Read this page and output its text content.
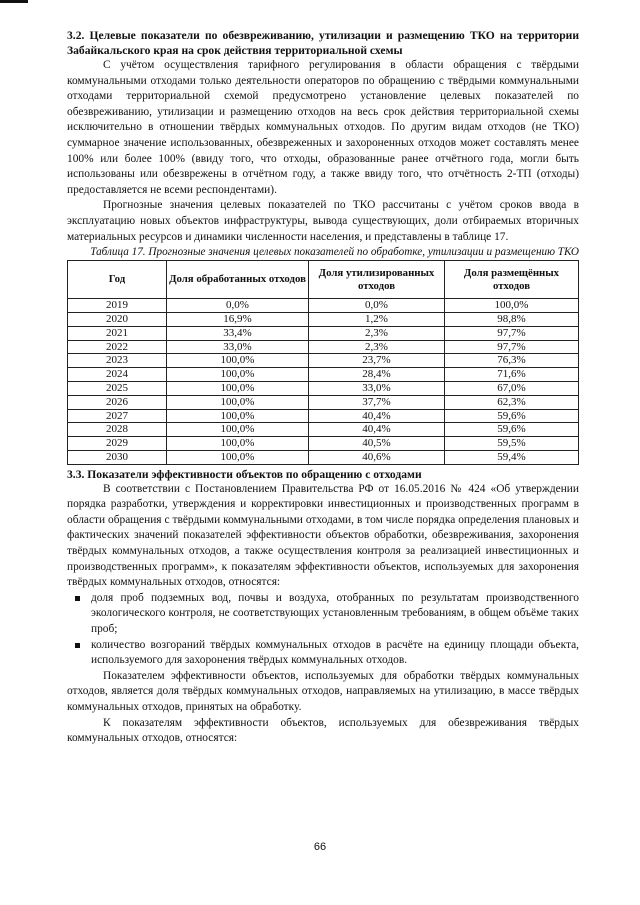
3.2. Целевые показатели по обезвреживанию, утилизации и размещению ТКО на территории Забайкальского края на срок действия территориальной схемы

С учётом осуществления тарифного регулирования в области обращения с твёрдыми коммунальными отходами только деятельности операторов по обращению с твёрдыми коммунальными отходами территориальной схемой предусмотрено установление целевых показателей по обезвреживанию, утилизации и размещению отходов на весь срок действия территориальной схемы исключительно в отношении твёрдых коммунальных отходов. По другим видам отходов (не ТКО) суммарное значение использованных, обезвреженных и захороненных отходов может составлять менее 100% или более 100% (ввиду того, что отходы, образованные ранее отчётного года, могли быть использованы или обезврежены в отчётном году, а также ввиду того, что отчётность 2-ТП (отходы) предоставляется не всеми респондентами).

Прогнозные значения целевых показателей по ТКО рассчитаны с учётом сроков ввода в эксплуатацию новых объектов инфраструктуры, вывода существующих, доли отбираемых вторичных материальных ресурсов и динамики численности населения, и представлены в таблице 17.

Таблица 17. Прогнозные значения целевых показателей по обработке, утилизации и размещению ТКО

Год	Доля обработанных отходов	Доля утилизированных отходов	Доля размещённых отходов
2019	0,0%	0,0%	100,0%
2020	16,9%	1,2%	98,8%
2021	33,4%	2,3%	97,7%
2022	33,0%	2,3%	97,7%
2023	100,0%	23,7%	76,3%
2024	100,0%	28,4%	71,6%
2025	100,0%	33,0%	67,0%
2026	100,0%	37,7%	62,3%
2027	100,0%	40,4%	59,6%
2028	100,0%	40,4%	59,6%
2029	100,0%	40,5%	59,5%
2030	100,0%	40,6%	59,4%
3.3. Показатели эффективности объектов по обращению с отходами

В соответствии с Постановлением Правительства РФ от 16.05.2016 № 424 «Об утверждении порядка разработки, утверждения и корректировки инвестиционных и производственных программ в области обращения с твёрдыми коммунальными отходами, в том числе порядка определения плановых и фактических значений показателей эффективности объектов обработки, обезвреживания, захоронения твёрдых коммунальных отходов, а также осуществления контроля за реализацией инвестиционных и производственных программ», к показателям эффективности объектов, используемых для захоронения твёрдых коммунальных отходов, относятся:

доля проб подземных вод, почвы и воздуха, отобранных по результатам производственного экологического контроля, не соответствующих установленным требованиям, в общем объёме таких проб;
количество возгораний твёрдых коммунальных отходов в расчёте на единицу площади объекта, используемого для захоронения твёрдых коммунальных отходов.

Показателем эффективности объектов, используемых для обработки твёрдых коммунальных отходов, является доля твёрдых коммунальных отходов, направляемых на утилизацию, в массе твёрдых коммунальных отходов, принятых на обработку.

К показателям эффективности объектов, используемых для обезвреживания твёрдых коммунальных отходов, относятся:

66
